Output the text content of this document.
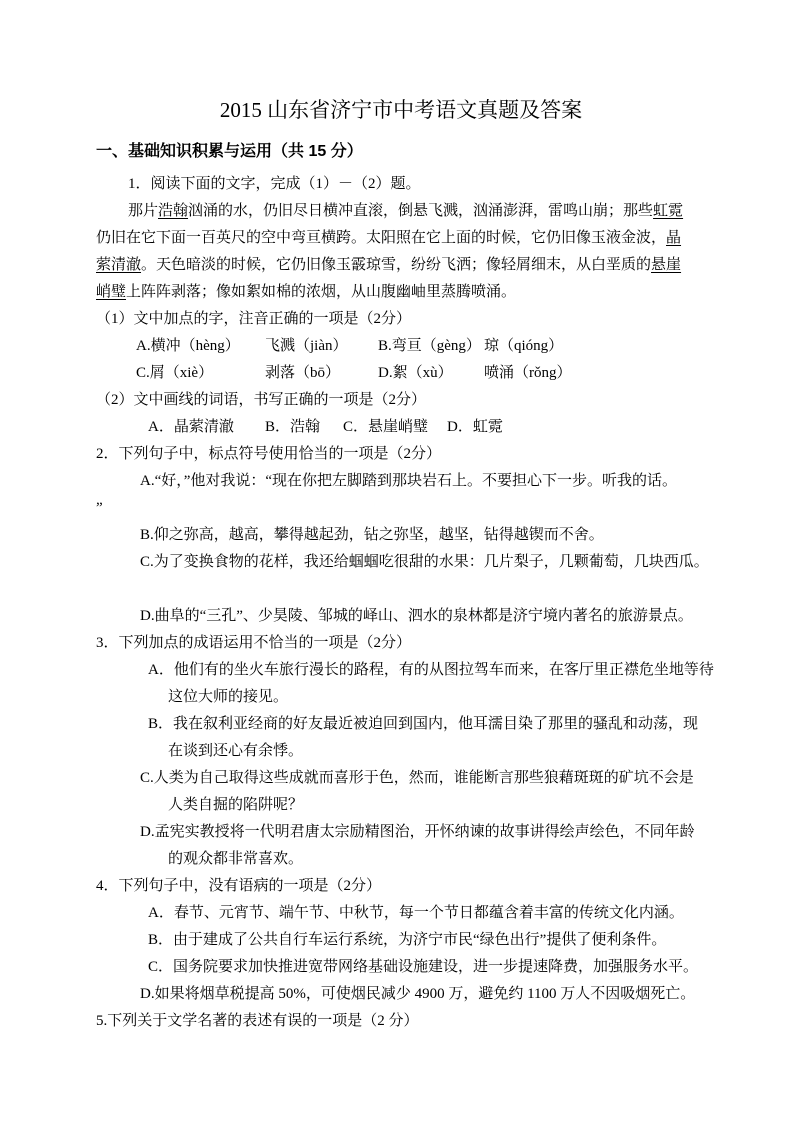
2015 山东省济宁市中考语文真题及答案
一、基础知识积累与运用（共 15 分）
1．阅读下面的文字，完成（1）－（2）题。
那片浩翰汹涌的水，仍旧尽日横冲直滚，倒悬飞溅，汹涌澎湃，雷鸣山崩；那些虹霓
仍旧在它下面一百英尺的空中弯亘横跨。太阳照在它上面的时候，它仍旧像玉液金波，晶
萦清澈。天色暗淡的时候，它仍旧像玉霰琼雪，纷纷飞洒；像轻屑细末，从白垩质的悬崖
峭璧上阵阵剥落；像如絮如棉的浓烟，从山腹幽岫里蒸腾喷涌。
（1）文中加点的字，注音正确的一项是（2分）
A.横冲（hèng） 飞溅（jiàn） B.弯亘（gèng） 琼（qióng）
C.屑（xiè）	剥落（bō）	D.絮（xù） 喷涌（rǒng）
（2）文中画线的词语，书写正确的一项是（2分）
A．晶萦清澈 B．浩翰 C．悬崖峭璧 D．虹霓
2．下列句子中，标点符号使用恰当的一项是（2分）
A.“好，”他对我说：“现在你把左脚踏到那块岩石上。不要担心下一步。听我的话。
”
B.仰之弥高，越高，攀得越起劲，钻之弥坚，越坚，钻得越锲而不舍。
C.为了变换食物的花样，我还给蝈蝈吃很甜的水果：几片梨子，几颗葡萄，几块西瓜。
D.曲阜的“三孔”、少昊陵、邹城的峄山、泗水的泉林都是济宁境内著名的旅游景点。
3．下列加点的成语运用不恰当的一项是（2分）
A．他们有的坐火车旅行漫长的路程，有的从图拉驾车而来，在客厅里正襟危坐地等待
这位大师的接见。
B．我在叙利亚经商的好友最近被迫回到国内，他耳濡目染了那里的骚乱和动荡，现
在谈到还心有余悸。
C.人类为自己取得这些成就而喜形于色，然而，谁能断言那些狼藉斑斑的矿坑不会是
人类自掘的陷阱呢？
D.孟宪实教授将一代明君唐太宗励精图治，开怀纳谏的故事讲得绘声绘色，不同年龄
的观众都非常喜欢。
4．下列句子中，没有语病的一项是（2分）
A．春节、元宵节、端午节、中秋节，每一个节日都蕴含着丰富的传统文化内涵。
B．由于建成了公共自行车运行系统，为济宁市民“绿色出行”提供了便利条件。
C．国务院要求加快推进宽带网络基础设施建设，进一步提速降费，加强服务水平。
D.如果将烟草税提高 50%，可使烟民减少 4900 万，避免约 1100 万人不因吸烟死亡。
5.下列关于文学名著的表述有误的一项是（2 分）
